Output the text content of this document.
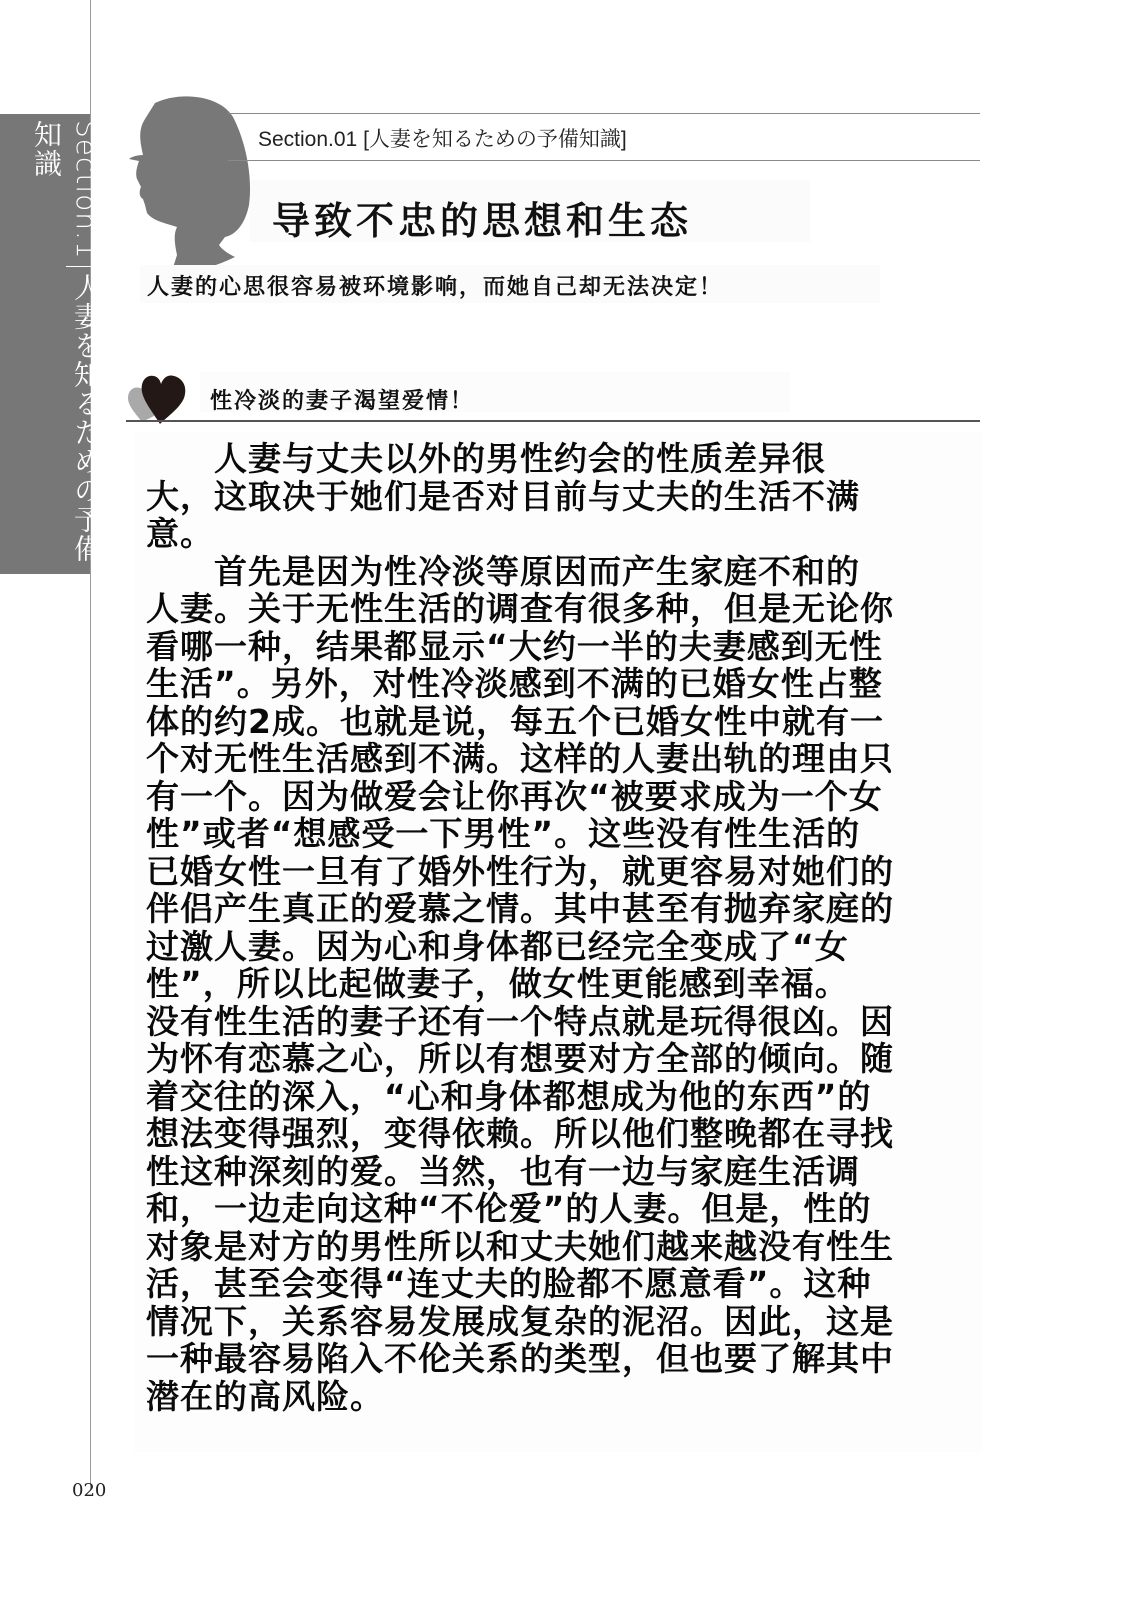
Section.1人妻を知るための予備知識	Section.01 [人妻を知るための予備知識]
导致不忠的思想和生态
人妻的心思很容易被环境影响，而她自己却无法决定！
性冷淡的妻子渴望爱情！

　　人妻与丈夫以外的男性约会的性质差异很

大，这取决于她们是否对目前与丈夫的生活不满

意。

　　首先是因为性冷淡等原因而产生家庭不和的

人妻。关于无性生活的调查有很多种，但是无论你

看哪一种，结果都显示“大约一半的夫妻感到无性

生活”。另外，对性冷淡感到不满的已婚女性占整

体的约2成。也就是说，每五个已婚女性中就有一

个对无性生活感到不满。这样的人妻出轨的理由只

有一个。因为做爱会让你再次“被要求成为一个女

性”或者“想感受一下男性”。这些没有性生活的

已婚女性一旦有了婚外性行为，就更容易对她们的

伴侣产生真正的爱慕之情。其中甚至有抛弃家庭的

过激人妻。因为心和身体都已经完全变成了“女

性”，所以比起做妻子，做女性更能感到幸福。

没有性生活的妻子还有一个特点就是玩得很凶。因

为怀有恋慕之心，所以有想要对方全部的倾向。随

着交往的深入，“心和身体都想成为他的东西”的

想法变得强烈，变得依赖。所以他们整晚都在寻找

性这种深刻的爱。当然，也有一边与家庭生活调

和，一边走向这种“不伦爱”的人妻。但是，性的

对象是对方的男性所以和丈夫她们越来越没有性生

活，甚至会变得“连丈夫的脸都不愿意看”。这种

情况下，关系容易发展成复杂的泥沼。因此，这是

一种最容易陷入不伦关系的类型，但也要了解其中

潜在的高风险。

020
